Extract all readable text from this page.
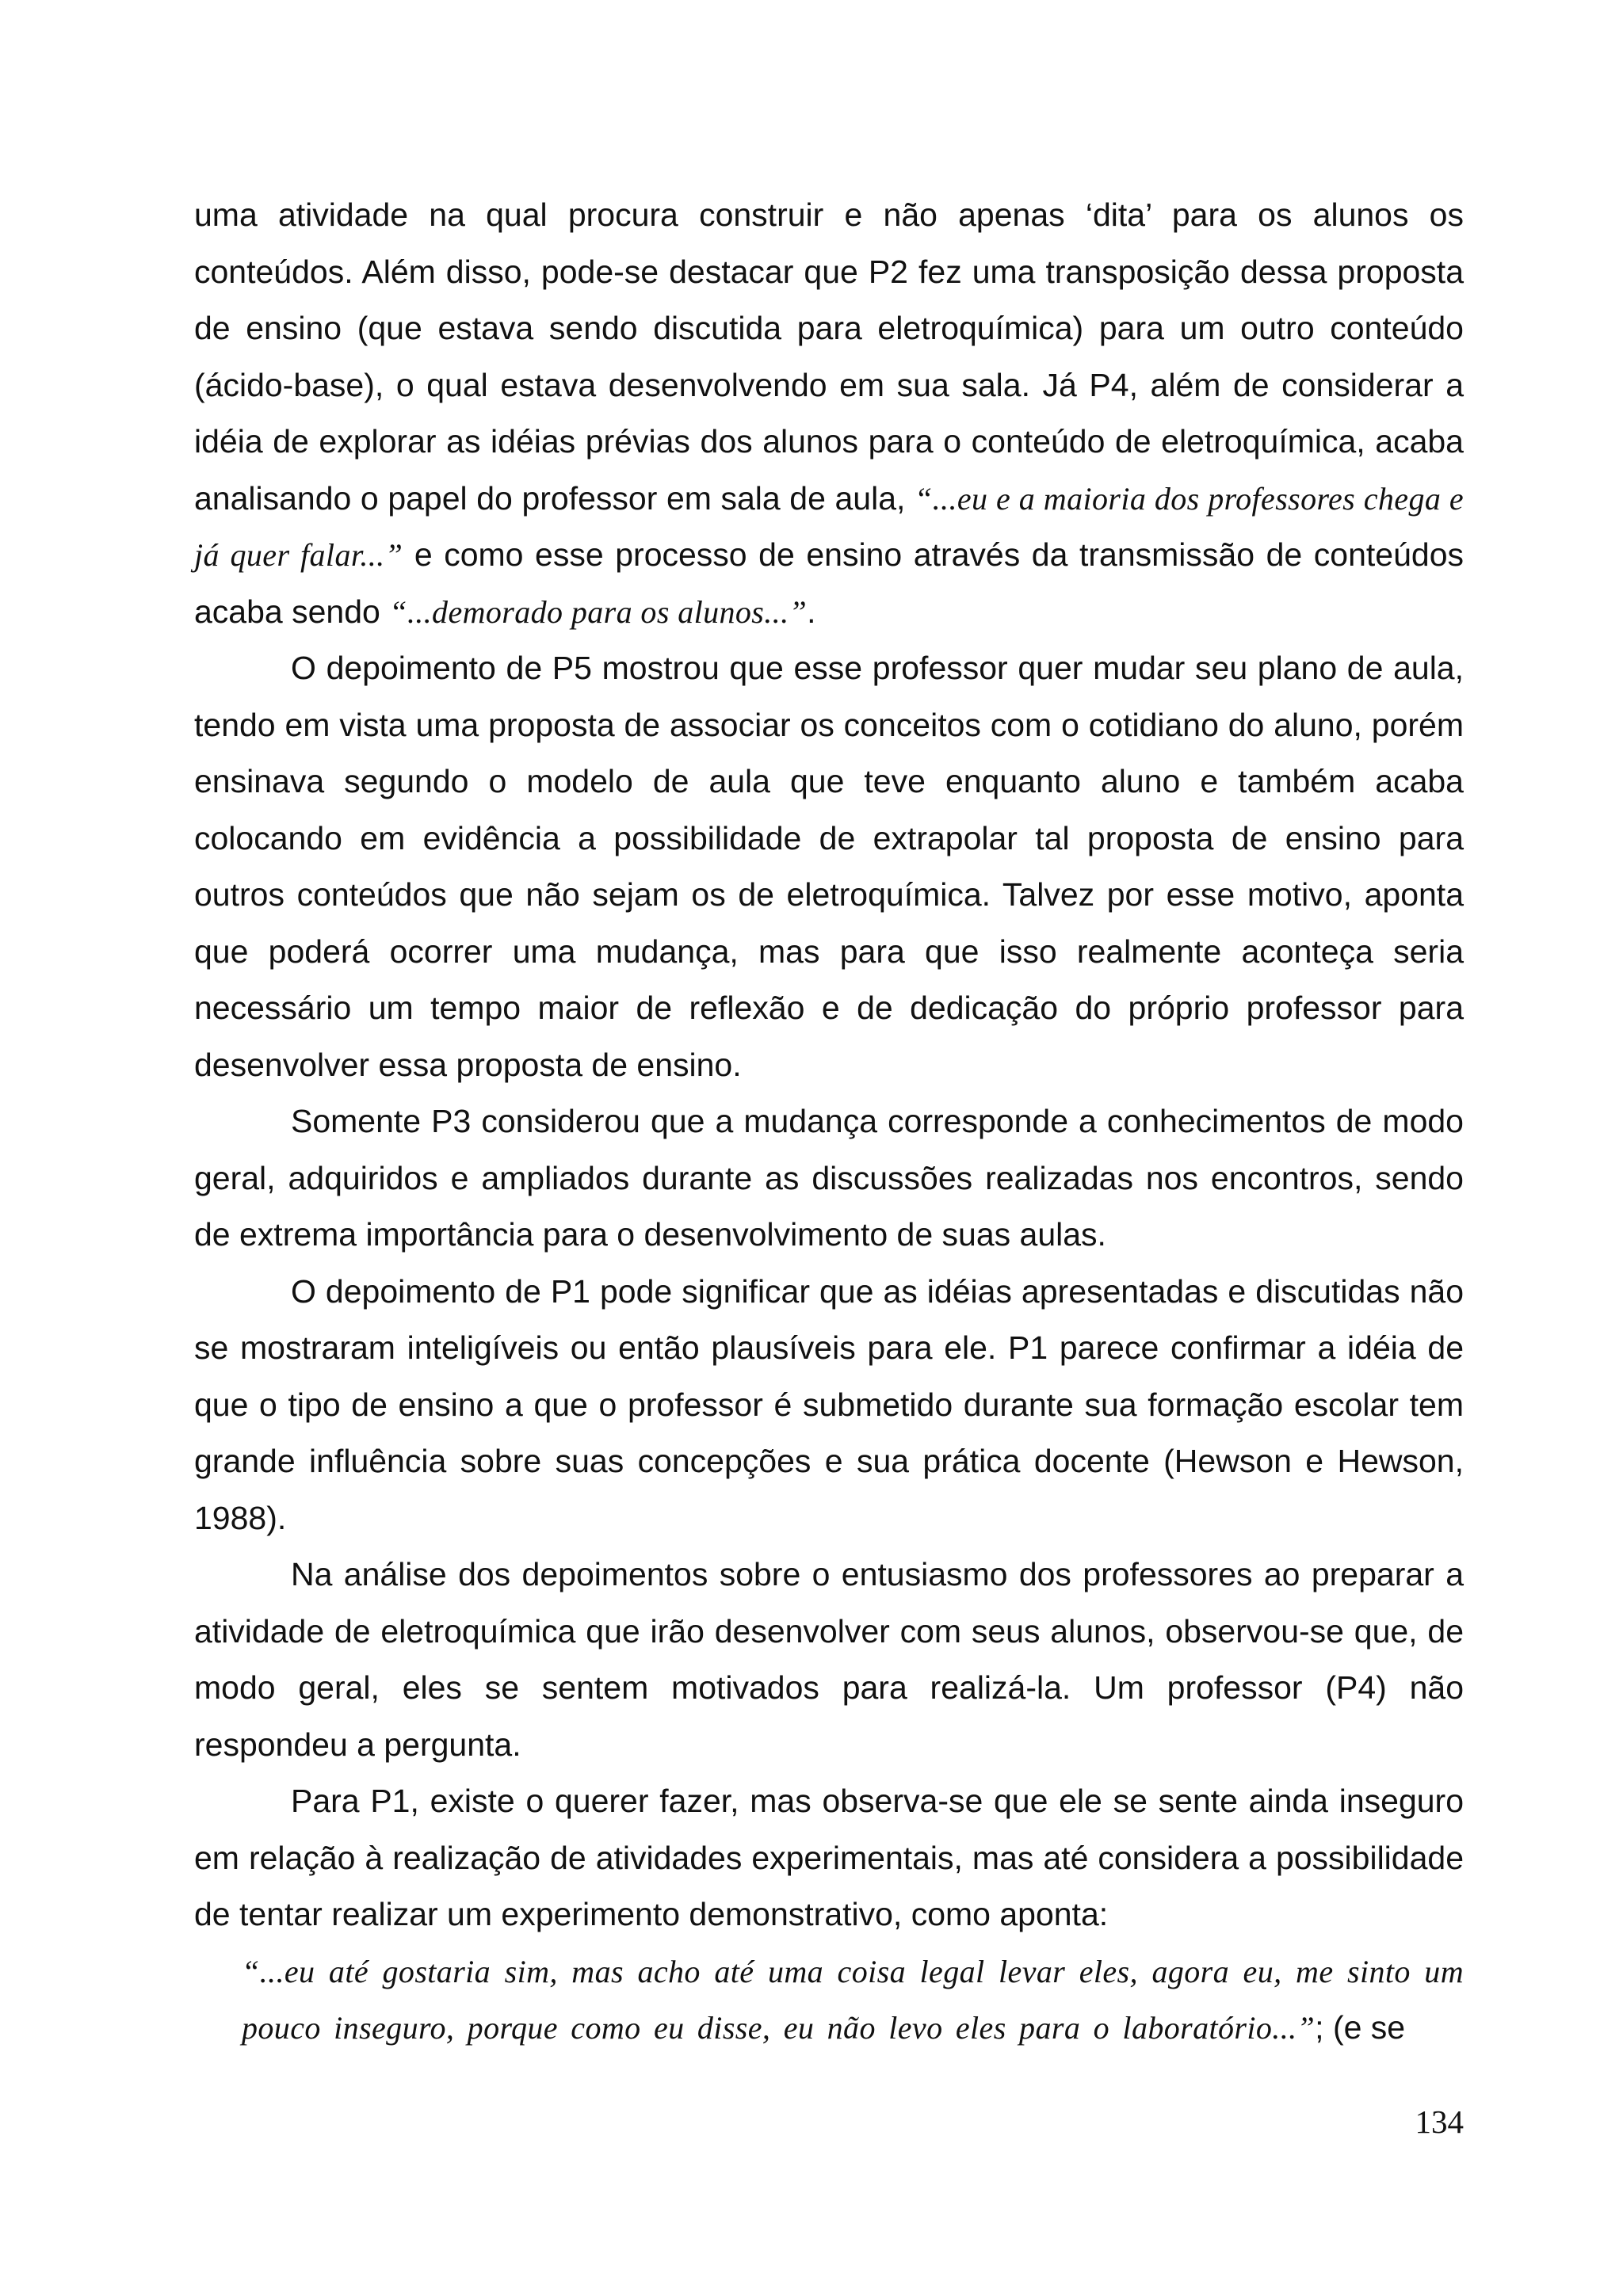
uma atividade na qual procura construir e não apenas ‘dita’ para os alunos os conteúdos. Além disso, pode-se destacar que P2 fez uma transposição dessa proposta de ensino (que estava sendo discutida para eletroquímica) para um outro conteúdo (ácido-base), o qual estava desenvolvendo em sua sala. Já P4, além de considerar a idéia de explorar as idéias prévias dos alunos para o conteúdo de eletroquímica, acaba analisando o papel do professor em sala de aula, “...eu e a maioria dos professores chega e já quer falar...” e como esse processo de ensino através da transmissão de conteúdos acaba sendo “...demorado para os alunos...”.

O depoimento de P5 mostrou que esse professor quer mudar seu plano de aula, tendo em vista uma proposta de associar os conceitos com o cotidiano do aluno, porém ensinava segundo o modelo de aula que teve enquanto aluno e também acaba colocando em evidência a possibilidade de extrapolar tal proposta de ensino para outros conteúdos que não sejam os de eletroquímica. Talvez por esse motivo, aponta que poderá ocorrer uma mudança, mas para que isso realmente aconteça seria necessário um tempo maior de reflexão e de dedicação do próprio professor para desenvolver essa proposta de ensino.

Somente P3 considerou que a mudança corresponde a conhecimentos de modo geral, adquiridos e ampliados durante as discussões realizadas nos encontros, sendo de extrema importância para o desenvolvimento de suas aulas.

O depoimento de P1 pode significar que as idéias apresentadas e discutidas não se mostraram inteligíveis ou então plausíveis para ele. P1 parece confirmar a idéia de que o tipo de ensino a que o professor é submetido durante sua formação escolar tem grande influência sobre suas concepções e sua prática docente (Hewson e Hewson, 1988).

Na análise dos depoimentos sobre o entusiasmo dos professores ao preparar a atividade de eletroquímica que irão desenvolver com seus alunos, observou-se que, de modo geral, eles se sentem motivados para realizá-la. Um professor (P4) não respondeu a pergunta.

Para P1, existe o querer fazer, mas observa-se que ele se sente ainda inseguro em relação à realização de atividades experimentais, mas até considera a possibilidade de tentar realizar um experimento demonstrativo, como aponta:

“...eu até gostaria sim, mas acho até uma coisa legal levar eles, agora eu, me sinto um pouco inseguro, porque como eu disse, eu não levo eles para o laboratório...”; (e se

134
